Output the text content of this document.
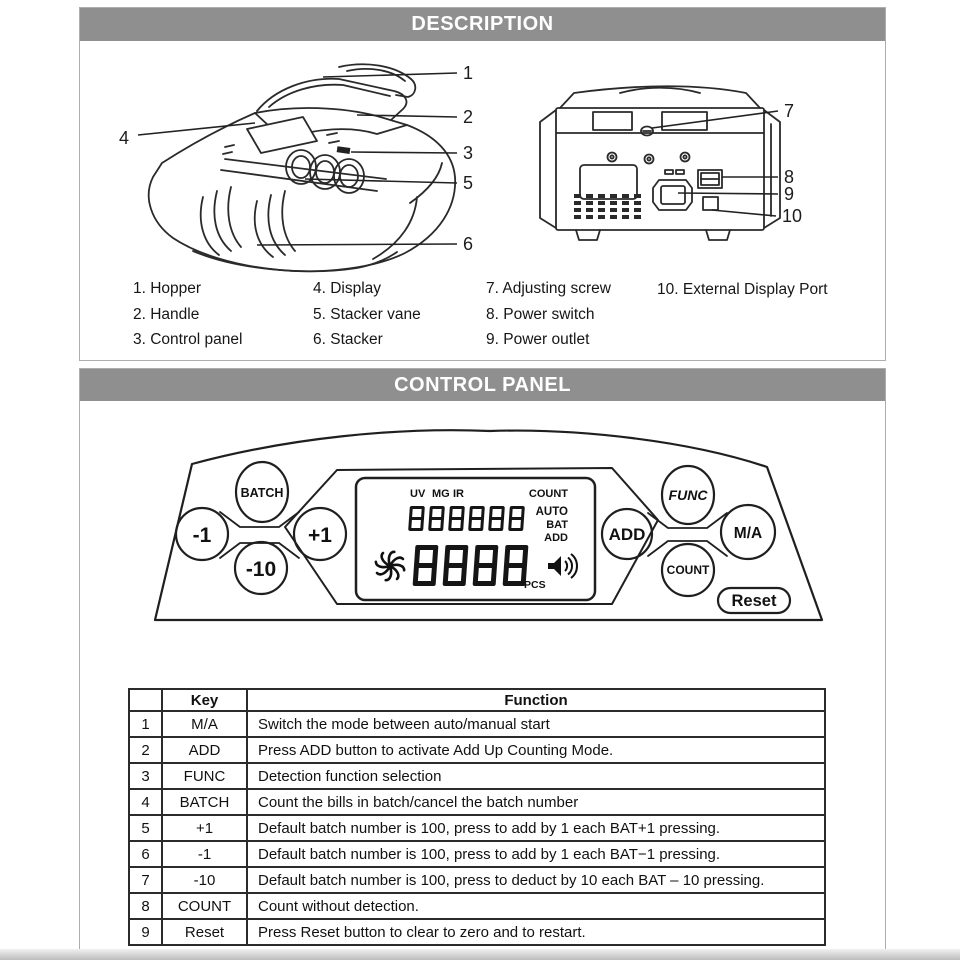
DESCRIPTION
1
2
3
5
6
4
7
8
9
10
1. Hopper
2. Handle
3. Control panel
4. Display
5. Stacker vane
6. Stacker
7. Adjusting screw
8. Power switch
9. Power outlet
10. External Display Port
CONTROL PANEL
BATCH
-1	+1
-10
FUNC
ADD	M/A
COUNT
Reset
UV MG IR	COUNT
AUTO
BAT
ADD
PCS
	Key	Function
1	M/A	Switch the mode between auto/manual start
2	ADD	Press ADD button to activate Add Up Counting Mode.
3	FUNC	Detection function selection
4	BATCH	Count the bills in batch/cancel the batch number
5	+1	Default batch number is 100, press to add by 1 each BAT+1 pressing.
6	-1	Default batch number is 100, press to add by 1 each BAT−1 pressing.
7	-10	Default batch number is 100, press to deduct by 10 each BAT – 10 pressing.
8	COUNT	Count without detection.
9	Reset	Press Reset button to clear to zero and to restart.
